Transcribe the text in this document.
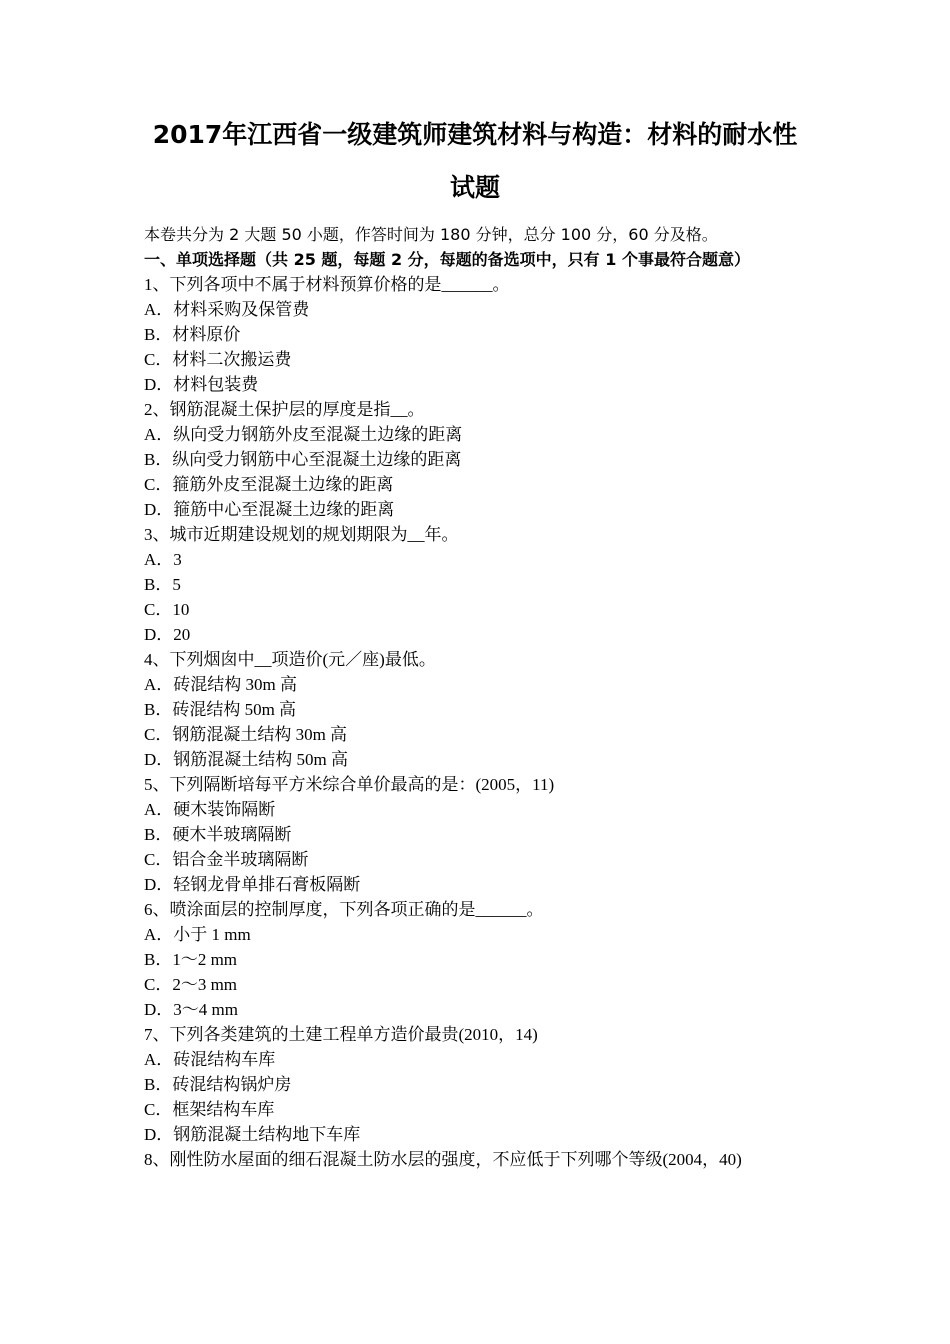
2017年江西省一级建筑师建筑材料与构造：材料的耐水性
试题
本卷共分为 2 大题 50 小题，作答时间为 180 分钟，总分 100 分，60 分及格。
一、单项选择题（共 25 题，每题 2 分，每题的备选项中，只有 1 个事最符合题意）
1、下列各项中不属于材料预算价格的是______。
A．材料采购及保管费
B．材料原价
C．材料二次搬运费
D．材料包装费
2、钢筋混凝土保护层的厚度是指__。
A．纵向受力钢筋外皮至混凝土边缘的距离
B．纵向受力钢筋中心至混凝土边缘的距离
C．箍筋外皮至混凝土边缘的距离
D．箍筋中心至混凝土边缘的距离
3、城市近期建设规划的规划期限为__年。
A．3
B．5
C．10
D．20
4、下列烟囱中__项造价(元／座)最低。
A．砖混结构 30m 高
B．砖混结构 50m 高
C．钢筋混凝土结构 30m 高
D．钢筋混凝土结构 50m 高
5、下列隔断培每平方米综合单价最高的是：(2005，11)
A．硬木装饰隔断
B．硬木半玻璃隔断
C．铝合金半玻璃隔断
D．轻钢龙骨单排石膏板隔断
6、喷涂面层的控制厚度，下列各项正确的是______。
A．小于 1 mm
B．1～2 mm
C．2～3 mm
D．3～4 mm
7、下列各类建筑的土建工程单方造价最贵(2010，14)
A．砖混结构车库
B．砖混结构锅炉房
C．框架结构车库
D．钢筋混凝土结构地下车库
8、刚性防水屋面的细石混凝土防水层的强度，不应低于下列哪个等级(2004，40)
